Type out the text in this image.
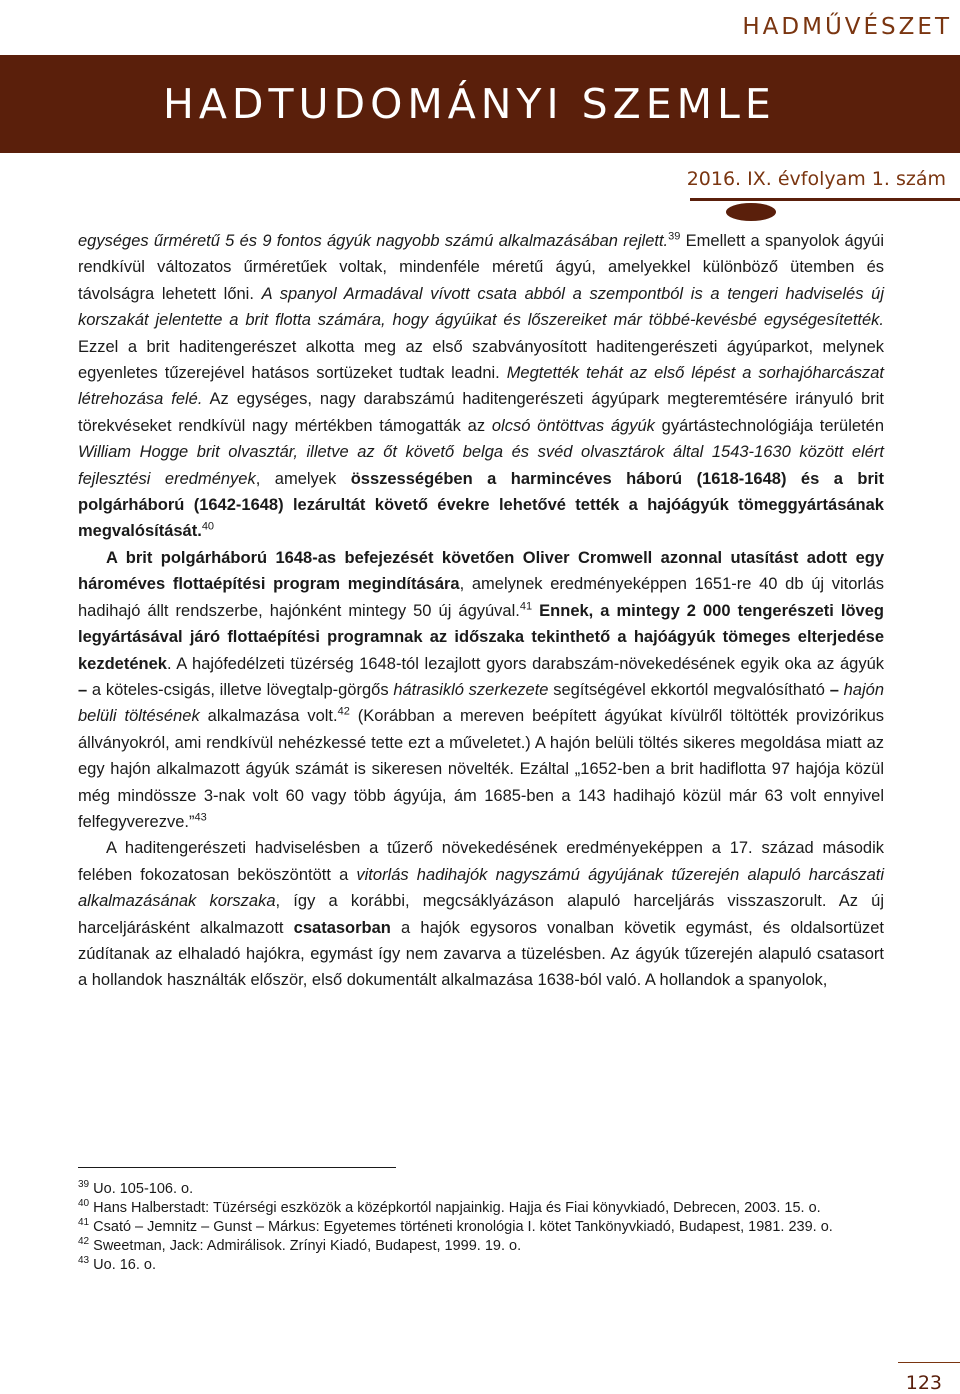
HADMŰVÉSZET
HADTUDOMÁNYI SZEMLE
2016. IX. évfolyam 1. szám

egységes űrméretű 5 és 9 fontos ágyúk nagyobb számú alkalmazásában rejlett.$^{39}$ Emellett a spanyolok ágyúi rendkívül változatos űrméretűek voltak, mindenféle méretű ágyú, amelyekkel különböző ütemben és távolságra lehetett lőni. A spanyol Armadával vívott csata abból a szempontból is a tengeri hadviselés új korszakát jelentette a brit flotta számára, hogy ágyúikat és lőszereiket már többé-kevésbé egységesítették. Ezzel a brit haditengerészet alkotta meg az első szabványosított haditengerészeti ágyúparkot, melynek egyenletes tűzerejével hatásos sortüzeket tudtak leadni. Megtették tehát az első lépést a sorhajóharcászat létrehozása felé. Az egységes, nagy darabszámú haditengerészeti ágyúpark megteremtésére irányuló brit törekvéseket rendkívül nagy mértékben támogatták az olcsó öntöttvas ágyúk gyártástechnológiája területén William Hogge brit olvasztár, illetve az őt követő belga és svéd olvasztárok által 1543-1630 között elért fejlesztési eredmények, amelyek összességében a harmincéves háború (1618-1648) és a brit polgárháború (1642-1648) lezárultát követő évekre lehetővé tették a hajóágyúk tömeggyártásának megvalósítását.$^{40}$

A brit polgárháború 1648-as befejezését követően Oliver Cromwell azonnal utasítást adott egy hároméves flottaépítési program megindítására, amelynek eredményeképpen 1651-re 40 db új vitorlás hadihajó állt rendszerbe, hajónként mintegy 50 új ágyúval.$^{41}$ Ennek, a mintegy 2 000 tengerészeti löveg legyártásával járó flottaépítési programnak az időszaka tekinthető a hajóágyúk tömeges elterjedése kezdetének. A hajófedélzeti tüzérség 1648-tól lezajlott gyors darabszám-növekedésének egyik oka az ágyúk – a köteles-csigás, illetve lövegtalp-görgős hátrasikló szerkezete segítségével ekkortól megvalósítható – hajón belüli töltésének alkalmazása volt.$^{42}$ (Korábban a mereven beépített ágyúkat kívülről töltötték provizórikus állványokról, ami rendkívül nehézkessé tette ezt a műveletet.) A hajón belüli töltés sikeres megoldása miatt az egy hajón alkalmazott ágyúk számát is sikeresen növelték. Ezáltal „1652-ben a brit hadiflotta 97 hajója közül még mindössze 3-nak volt 60 vagy több ágyúja, ám 1685-ben a 143 hadihajó közül már 63 volt ennyivel felfegyverezve.”$^{43}$

A haditengerészeti hadviselésben a tűzerő növekedésének eredményeképpen a 17. század második felében fokozatosan beköszöntött a vitorlás hadihajók nagyszámú ágyújának tűzerején alapuló harcászati alkalmazásának korszaka, így a korábbi, megcsáklyázáson alapuló harceljárás visszaszorult. Az új harceljárásként alkalmazott csatasorban a hajók egysoros vonalban követik egymást, és oldalsortüzet zúdítanak az elhaladó hajókra, egymást így nem zavarva a tüzelésben. Az ágyúk tűzerején alapuló csatasort a hollandok használták először, első dokumentált alkalmazása 1638-ból való. A hollandok a spanyolok,

$^{39}$ Uo. 105-106. o.
$^{40}$ Hans Halberstadt: Tüzérségi eszközök a középkortól napjainkig. Hajja és Fiai könyvkiadó, Debrecen, 2003. 15. o.
$^{41}$ Csató – Jemnitz – Gunst – Márkus: Egyetemes történeti kronológia I. kötet Tankönyvkiadó, Budapest, 1981. 239. o.
$^{42}$ Sweetman, Jack: Admirálisok. Zrínyi Kiadó, Budapest, 1999. 19. o.
$^{43}$ Uo. 16. o.
123
